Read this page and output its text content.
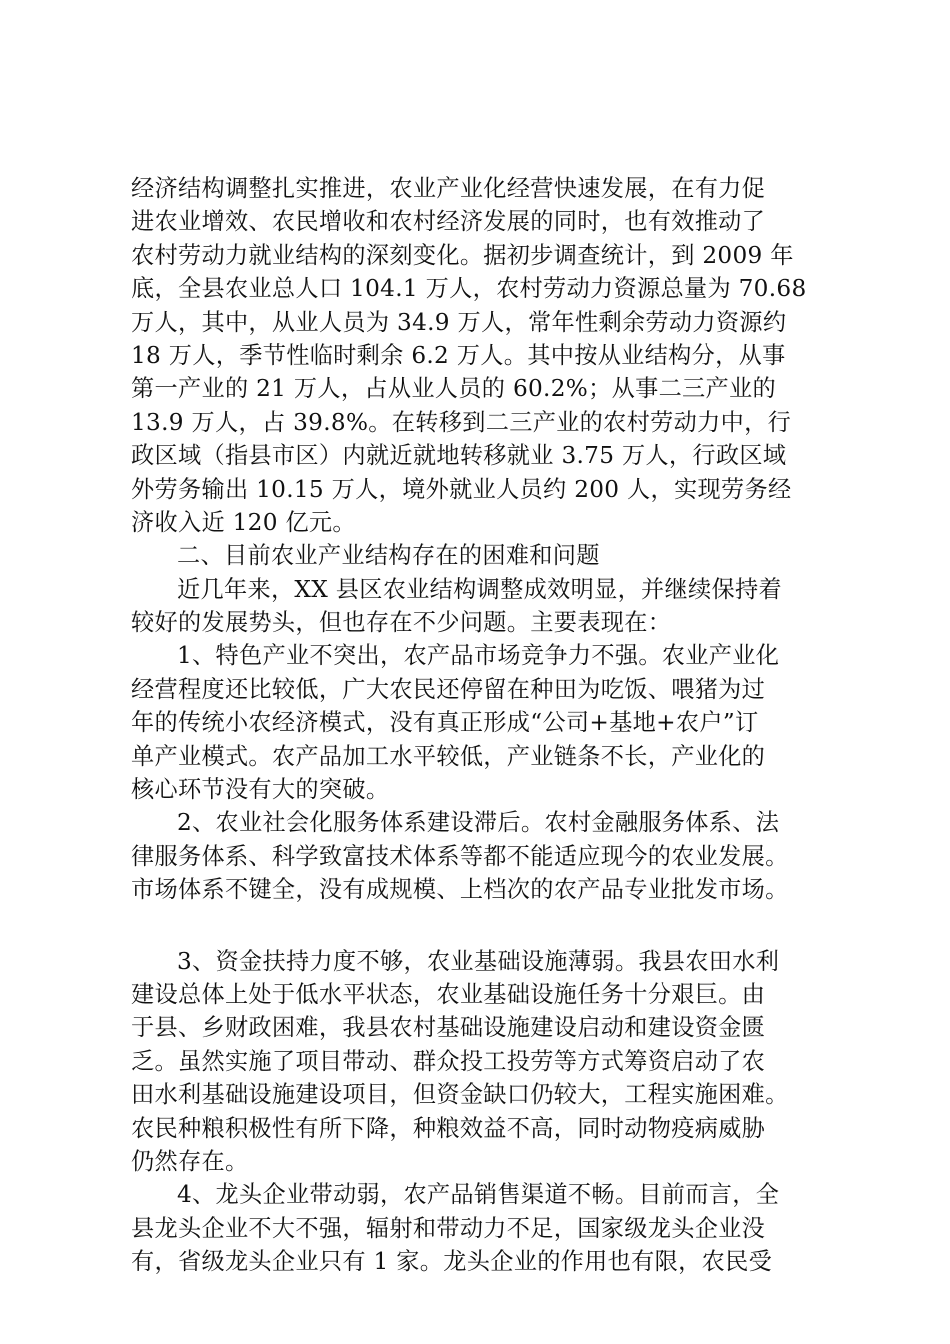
经济结构调整扎实推进，农业产业化经营快速发展，在有力促
进农业增效、农民增收和农村经济发展的同时，也有效推动了
农村劳动力就业结构的深刻变化。据初步调查统计，到 2009 年
底，全县农业总人口 104.1 万人，农村劳动力资源总量为 70.68
万人，其中，从业人员为 34.9 万人，常年性剩余劳动力资源约
18 万人，季节性临时剩余 6.2 万人。其中按从业结构分，从事
第一产业的 21 万人，占从业人员的 60.2%；从事二三产业的
13.9 万人，占 39.8%。在转移到二三产业的农村劳动力中，行
政区域（指县市区）内就近就地转移就业 3.75 万人，行政区域
外劳务输出 10.15 万人，境外就业人员约 200 人，实现劳务经
济收入近 120 亿元。
二、目前农业产业结构存在的困难和问题
近几年来，XX 县区农业结构调整成效明显，并继续保持着
较好的发展势头，但也存在不少问题。主要表现在：
1、特色产业不突出，农产品市场竞争力不强。农业产业化
经营程度还比较低，广大农民还停留在种田为吃饭、喂猪为过
年的传统小农经济模式，没有真正形成“公司+基地+农户”订
单产业模式。农产品加工水平较低，产业链条不长，产业化的
核心环节没有大的突破。
2、农业社会化服务体系建设滞后。农村金融服务体系、法
律服务体系、科学致富技术体系等都不能适应现今的农业发展。
市场体系不键全，没有成规模、上档次的农产品专业批发市场。
3、资金扶持力度不够，农业基础设施薄弱。我县农田水利
建设总体上处于低水平状态，农业基础设施任务十分艰巨。由
于县、乡财政困难，我县农村基础设施建设启动和建设资金匮
乏。虽然实施了项目带动、群众投工投劳等方式筹资启动了农
田水利基础设施建设项目，但资金缺口仍较大，工程实施困难。
农民种粮积极性有所下降，种粮效益不高，同时动物疫病威胁
仍然存在。
4、龙头企业带动弱，农产品销售渠道不畅。目前而言，全
县龙头企业不大不强，辐射和带动力不足，国家级龙头企业没
有，省级龙头企业只有 1 家。龙头企业的作用也有限，农民受
